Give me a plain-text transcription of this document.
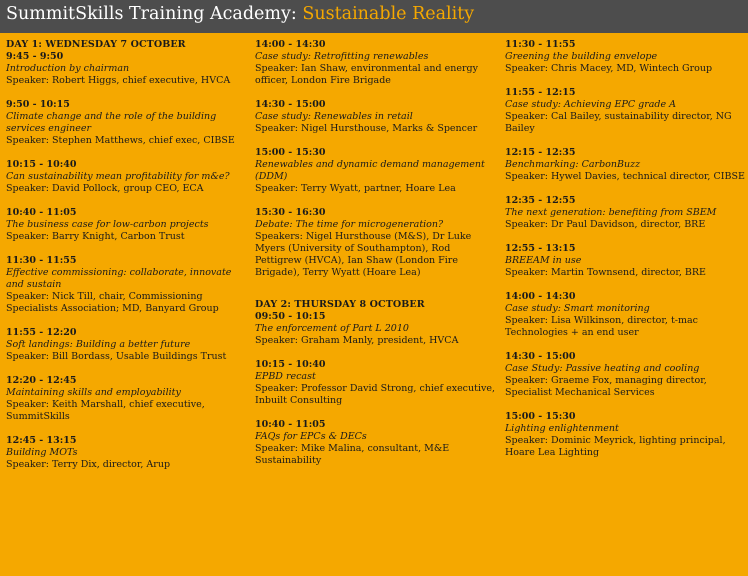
SummitSkills Training Academy: Sustainable Reality
DAY 1: WEDNESDAY 7 OCTOBER
9:45 - 9:50
Introduction by chairman
Speaker: Robert Higgs, chief executive, HVCA
9:50 - 10:15
Climate change and the role of the building services engineer
Speaker: Stephen Matthews, chief exec, CIBSE
10:15 - 10:40
Can sustainability mean profitability for m&e?
Speaker: David Pollock, group CEO, ECA
10:40 - 11:05
The business case for low-carbon projects
Speaker: Barry Knight, Carbon Trust
11:30 - 11:55
Effective commissioning: collaborate, innovate and sustain
Speaker: Nick Till, chair, Commissioning Specialists Association; MD, Banyard Group
11:55 - 12:20
Soft landings: Building a better future
Speaker: Bill Bordass, Usable Buildings Trust
12:20 - 12:45
Maintaining skills and employability
Speaker: Keith Marshall, chief executive, SummitSkills
12:45 - 13:15
Building MOTs
Speaker: Terry Dix, director, Arup
14:00 - 14:30
Case study: Retrofitting renewables
Speaker: Ian Shaw, environmental and energy officer, London Fire Brigade
14:30 - 15:00
Case study: Renewables in retail
Speaker: Nigel Hursthouse, Marks & Spencer
15:00 - 15:30
Renewables and dynamic demand management (DDM)
Speaker: Terry Wyatt, partner, Hoare Lea
15:30 - 16:30
Debate: The time for microgeneration?
Speakers: Nigel Hursthouse (M&S), Dr Luke Myers (University of Southampton), Rod Pettigrew (HVCA), Ian Shaw (London Fire Brigade), Terry Wyatt (Hoare Lea)
DAY 2: THURSDAY 8 OCTOBER
09:50 - 10:15
The enforcement of Part L 2010
Speaker: Graham Manly, president, HVCA
10:15 - 10:40
EPBD recast
Speaker: Professor David Strong, chief executive, Inbuilt Consulting
10:40 - 11:05
FAQs for EPCs & DECs
Speaker: Mike Malina, consultant, M&E Sustainability
11:30 - 11:55
Greening the building envelope
Speaker: Chris Macey, MD, Wintech Group
11:55 - 12:15
Case study: Achieving EPC grade A
Speaker: Cal Bailey, sustainability director, NG Bailey
12:15 - 12:35
Benchmarking: CarbonBuzz
Speaker: Hywel Davies, technical director, CIBSE
12:35 - 12:55
The next generation: benefiting from SBEM
Speaker: Dr Paul Davidson, director, BRE
12:55 - 13:15
BREEAM in use
Speaker: Martin Townsend, director, BRE
14:00 - 14:30
Case study: Smart monitoring
Speaker: Lisa Wilkinson, director, t-mac Technologies + an end user
14:30 - 15:00
Case Study: Passive heating and cooling
Speaker: Graeme Fox, managing director, Specialist Mechanical Services
15:00 - 15:30
Lighting enlightenment
Speaker: Dominic Meyrick, lighting principal, Hoare Lea Lighting
